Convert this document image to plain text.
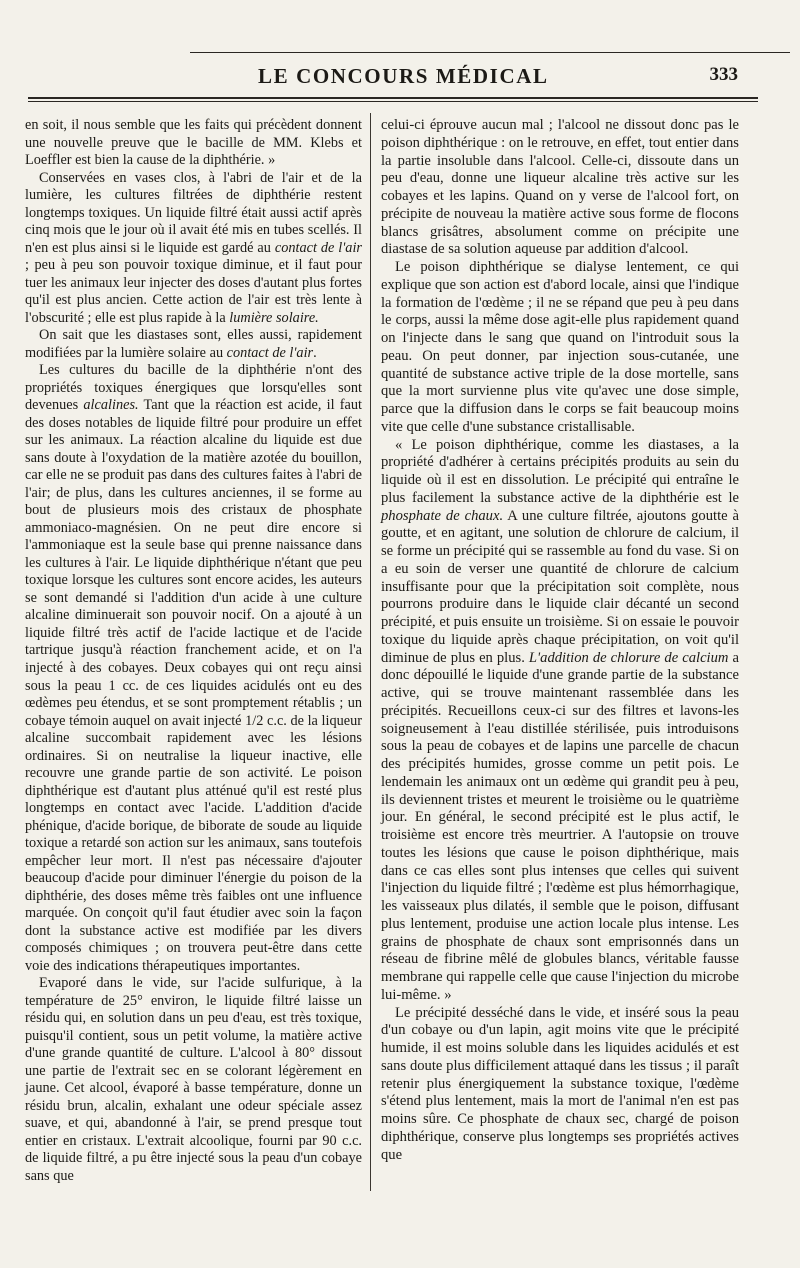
LE CONCOURS MÉDICAL	333

en soit, il nous semble que les faits qui précèdent donnent une nouvelle preuve que le bacille de MM. Klebs et Loeffler est bien la cause de la diphthérie. »

Conservées en vases clos, à l'abri de l'air et de la lumière, les cultures filtrées de diphthérie restent longtemps toxiques. Un liquide filtré était aussi actif après cinq mois que le jour où il avait été mis en tubes scellés. Il n'en est plus ainsi si le liquide est gardé au contact de l'air ; peu à peu son pouvoir toxique diminue, et il faut pour tuer les animaux leur injecter des doses d'autant plus fortes qu'il est plus ancien. Cette action de l'air est très lente à l'obscurité ; elle est plus rapide à la lumière solaire.

On sait que les diastases sont, elles aussi, rapidement modifiées par la lumière solaire au contact de l'air.

Les cultures du bacille de la diphthérie n'ont des propriétés toxiques énergiques que lorsqu'elles sont devenues alcalines. Tant que la réaction est acide, il faut des doses notables de liquide filtré pour produire un effet sur les animaux. La réaction alcaline du liquide est due sans doute à l'oxydation de la matière azotée du bouillon, car elle ne se produit pas dans des cultures faites à l'abri de l'air; de plus, dans les cultures anciennes, il se forme au bout de plusieurs mois des cristaux de phosphate ammoniaco-magnésien. On ne peut dire encore si l'ammoniaque est la seule base qui prenne naissance dans les cultures à l'air. Le liquide diphthérique n'étant que peu toxique lorsque les cultures sont encore acides, les auteurs se sont demandé si l'addition d'un acide à une culture alcaline diminuerait son pouvoir nocif. On a ajouté à un liquide filtré très actif de l'acide lactique et de l'acide tartrique jusqu'à réaction franchement acide, et on l'a injecté à des cobayes. Deux cobayes qui ont reçu ainsi sous la peau 1 cc. de ces liquides acidulés ont eu des œdèmes peu étendus, et se sont promptement rétablis ; un cobaye témoin auquel on avait injecté 1/2 c.c. de la liqueur alcaline succombait rapidement avec les lésions ordinaires. Si on neutralise la liqueur inactive, elle recouvre une grande partie de son activité. Le poison diphthérique est d'autant plus atténué qu'il est resté plus longtemps en contact avec l'acide. L'addition d'acide phénique, d'acide borique, de biborate de soude au liquide toxique a retardé son action sur les animaux, sans toutefois empêcher leur mort. Il n'est pas nécessaire d'ajouter beaucoup d'acide pour diminuer l'énergie du poison de la diphthérie, des doses même très faibles ont une influence marquée. On conçoit qu'il faut étudier avec soin la façon dont la substance active est modifiée par les divers composés chimiques ; on trouvera peut-être dans cette voie des indications thérapeutiques importantes.

Evaporé dans le vide, sur l'acide sulfurique, à la température de 25° environ, le liquide filtré laisse un résidu qui, en solution dans un peu d'eau, est très toxique, puisqu'il contient, sous un petit volume, la matière active d'une grande quantité de culture. L'alcool à 80° dissout une partie de l'extrait sec en se colorant légèrement en jaune. Cet alcool, évaporé à basse température, donne un résidu brun, alcalin, exhalant une odeur spéciale assez suave, et qui, abandonné à l'air, se prend presque tout entier en cristaux. L'extrait alcoolique, fourni par 90 c.c. de liquide filtré, a pu être injecté sous la peau d'un cobaye sans que

celui-ci éprouve aucun mal ; l'alcool ne dissout donc pas le poison diphthérique : on le retrouve, en effet, tout entier dans la partie insoluble dans l'alcool. Celle-ci, dissoute dans un peu d'eau, donne une liqueur alcaline très active sur les cobayes et les lapins. Quand on y verse de l'alcool fort, on précipite de nouveau la matière active sous forme de flocons blancs grisâtres, absolument comme on précipite une diastase de sa solution aqueuse par addition d'alcool.

Le poison diphthérique se dialyse lentement, ce qui explique que son action est d'abord locale, ainsi que l'indique la formation de l'œdème ; il ne se répand que peu à peu dans le corps, aussi la même dose agit-elle plus rapidement quand on l'injecte dans le sang que quand on l'introduit sous la peau. On peut donner, par injection sous-cutanée, une quantité de substance active triple de la dose mortelle, sans que la mort survienne plus vite qu'avec une dose simple, parce que la diffusion dans le corps se fait beaucoup moins vite que celle d'une substance cristallisable.

« Le poison diphthérique, comme les diastases, a la propriété d'adhérer à certains précipités produits au sein du liquide où il est en dissolution. Le précipité qui entraîne le plus facilement la substance active de la diphthérie est le phosphate de chaux. A une culture filtrée, ajoutons goutte à goutte, et en agitant, une solution de chlorure de calcium, il se forme un précipité qui se rassemble au fond du vase. Si on a eu soin de verser une quantité de chlorure de calcium insuffisante pour que la précipitation soit complète, nous pourrons produire dans le liquide clair décanté un second précipité, et puis ensuite un troisième. Si on essaie le pouvoir toxique du liquide après chaque précipitation, on voit qu'il diminue de plus en plus. L'addition de chlorure de calcium a donc dépouillé le liquide d'une grande partie de la substance active, qui se trouve maintenant rassemblée dans les précipités. Recueillons ceux-ci sur des filtres et lavons-les soigneusement à l'eau distillée stérilisée, puis introduisons sous la peau de cobayes et de lapins une parcelle de chacun des précipités humides, grosse comme un petit pois. Le lendemain les animaux ont un œdème qui grandit peu à peu, ils deviennent tristes et meurent le troisième ou le quatrième jour. En général, le second précipité est le plus actif, le troisième est encore très meurtrier. A l'autopsie on trouve toutes les lésions que cause le poison diphthérique, mais dans ce cas elles sont plus intenses que celles qui suivent l'injection du liquide filtré ; l'œdème est plus hémorrhagique, les vaisseaux plus dilatés, il semble que le poison, diffusant plus lentement, produise une action locale plus intense. Les grains de phosphate de chaux sont emprisonnés dans un réseau de fibrine mêlé de globules blancs, véritable fausse membrane qui rappelle celle que cause l'injection du microbe lui-même. »

Le précipité desséché dans le vide, et inséré sous la peau d'un cobaye ou d'un lapin, agit moins vite que le précipité humide, il est moins soluble dans les liquides acidulés et est sans doute plus difficilement attaqué dans les tissus ; il paraît retenir plus énergiquement la substance toxique, l'œdème s'étend plus lentement, mais la mort de l'animal n'en est pas moins sûre. Ce phosphate de chaux sec, chargé de poison diphthérique, conserve plus longtemps ses propriétés actives que
